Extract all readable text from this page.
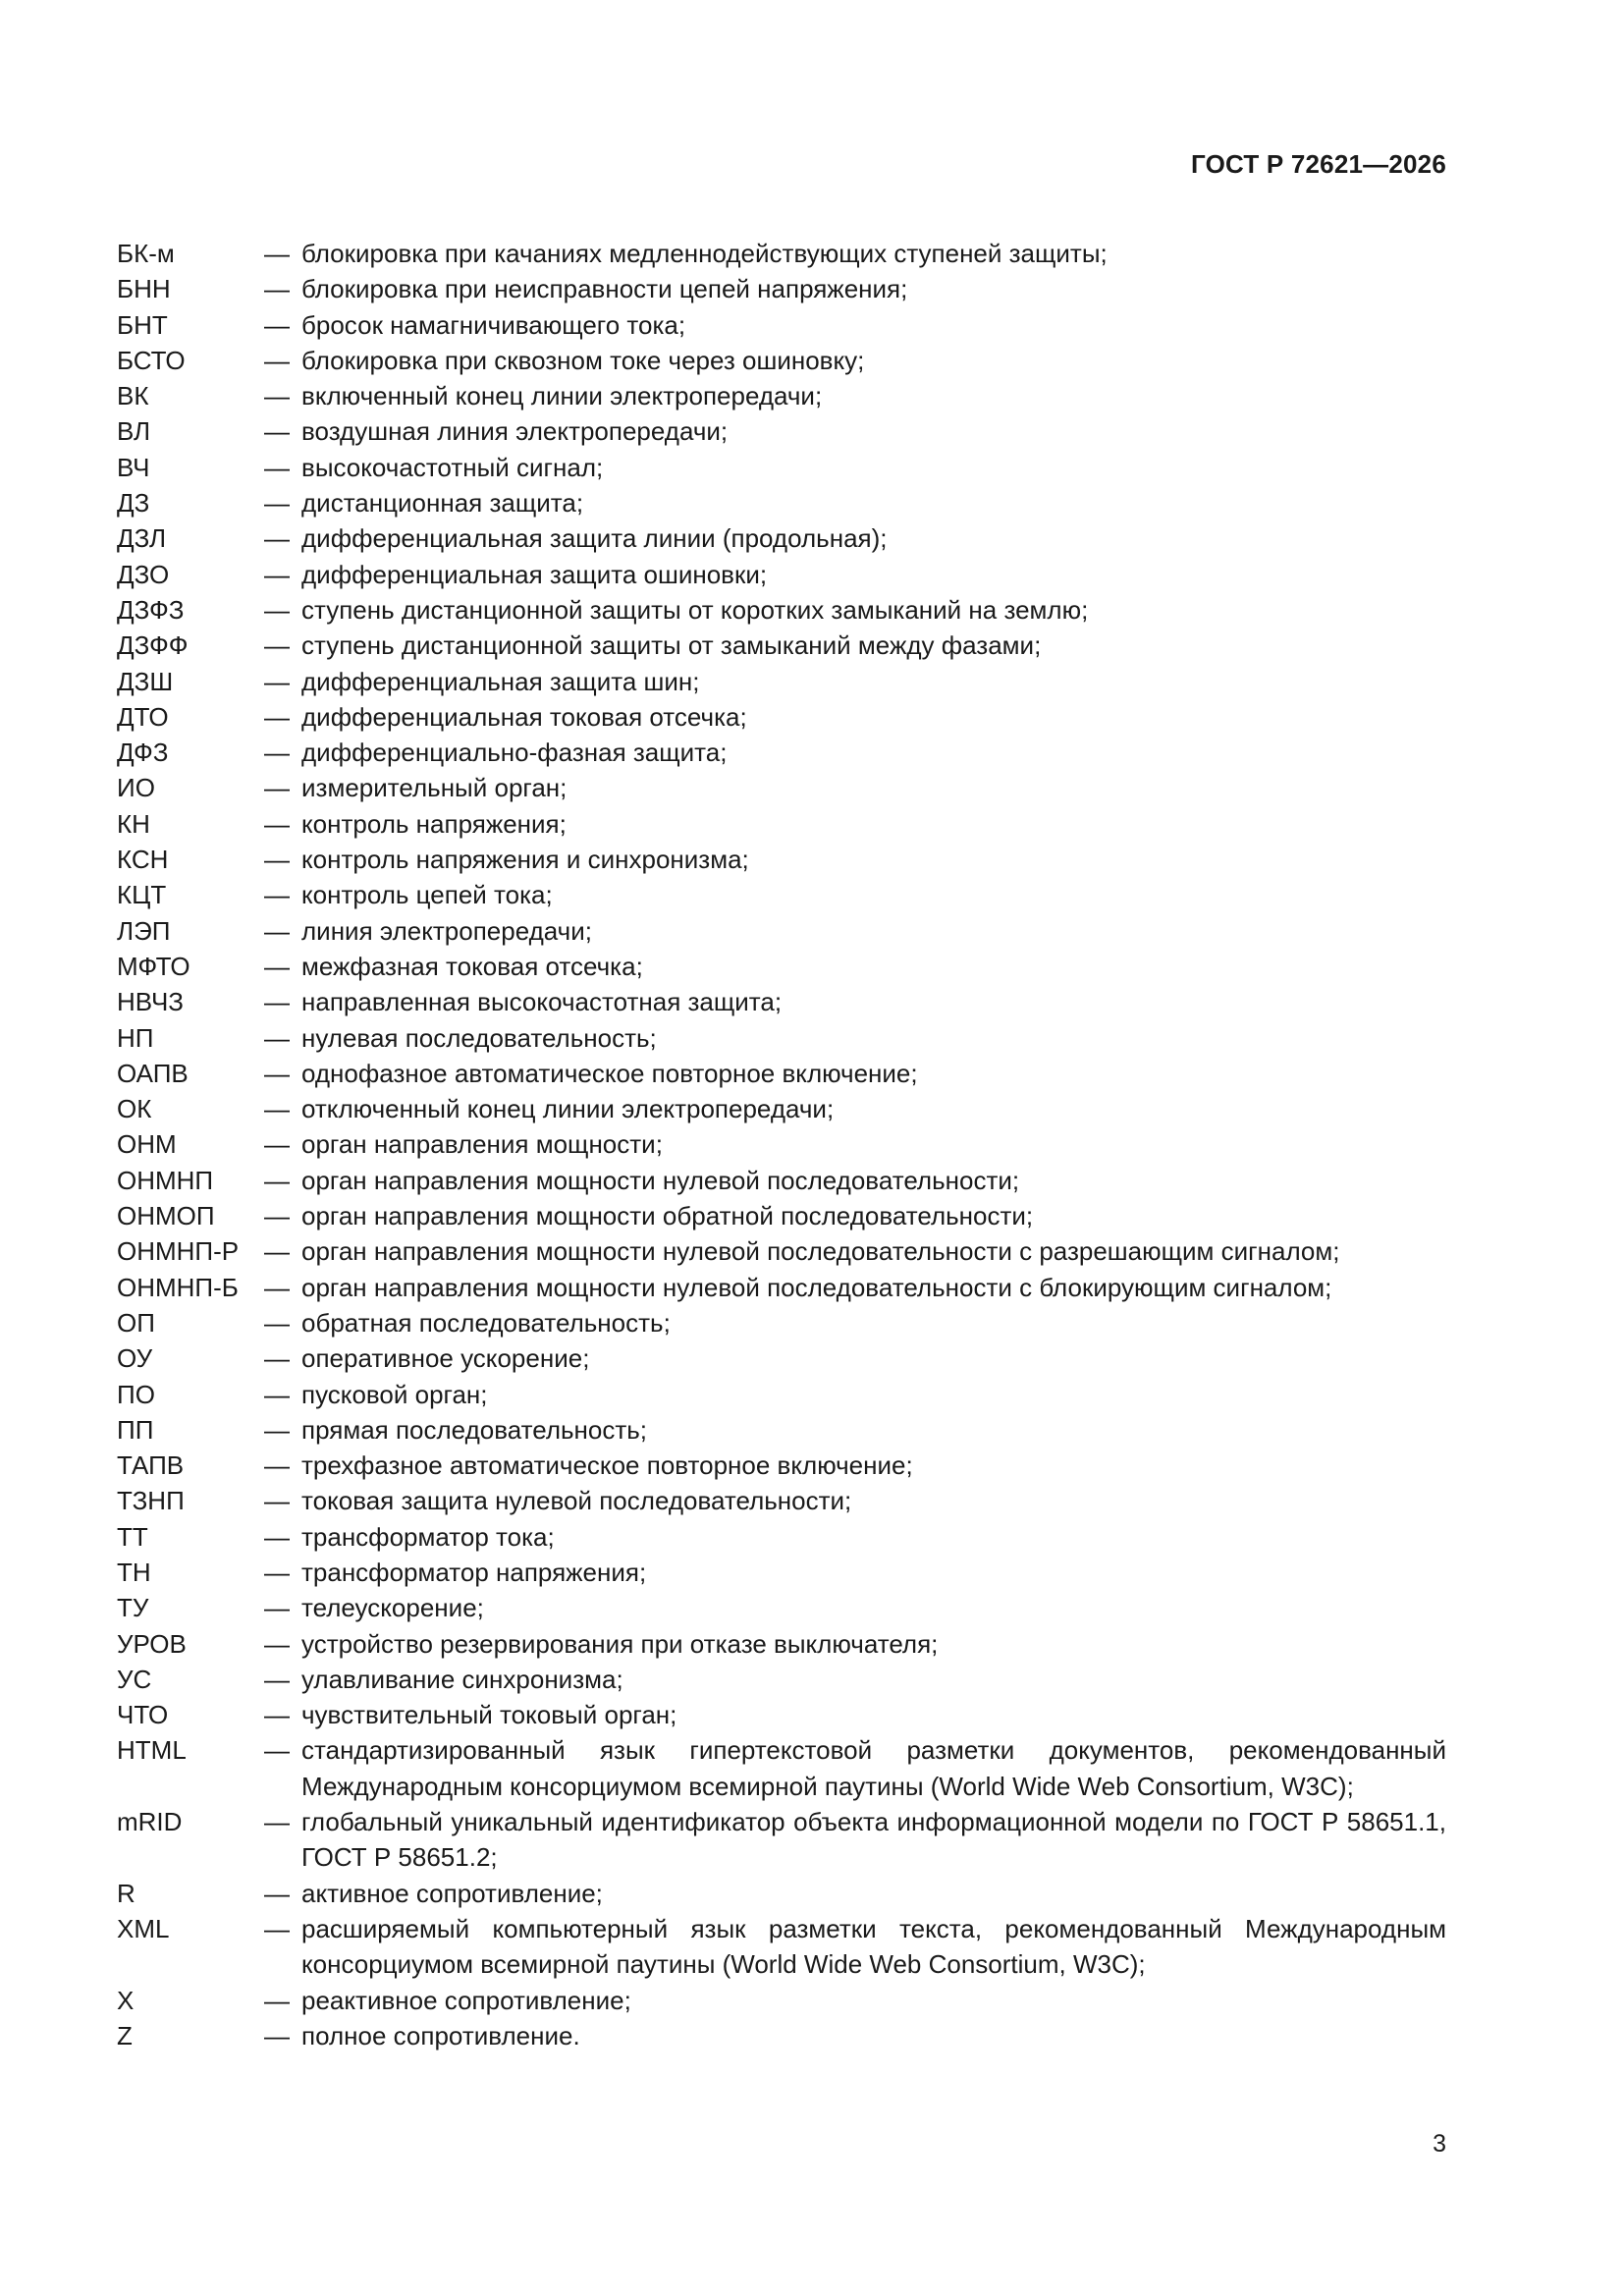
ГОСТ Р 72621—2026
БК-м	— блокировка при качаниях медленнодействующих ступеней защиты;
БНН	— блокировка при неисправности цепей напряжения;
БНТ	— бросок намагничивающего тока;
БСТО	— блокировка при сквозном токе через ошиновку;
ВК	— включенный конец линии электропередачи;
ВЛ	— воздушная линия электропередачи;
ВЧ	— высокочастотный сигнал;
ДЗ	— дистанционная защита;
ДЗЛ	— дифференциальная защита линии (продольная);
ДЗО	— дифференциальная защита ошиновки;
ДЗФЗ	— ступень дистанционной защиты от коротких замыканий на землю;
ДЗФФ	— ступень дистанционной защиты от замыканий между фазами;
ДЗШ	— дифференциальная защита шин;
ДТО	— дифференциальная токовая отсечка;
ДФЗ	— дифференциально-фазная защита;
ИО	— измерительный орган;
КН	— контроль напряжения;
КСН	— контроль напряжения и синхронизма;
КЦТ	— контроль цепей тока;
ЛЭП	— линия электропередачи;
МФТО	— межфазная токовая отсечка;
НВЧЗ	— направленная высокочастотная защита;
НП	— нулевая последовательность;
ОАПВ	— однофазное автоматическое повторное включение;
ОК	— отключенный конец линии электропередачи;
ОНМ	— орган направления мощности;
ОНМНП	— орган направления мощности нулевой последовательности;
ОНМОП	— орган направления мощности обратной последовательности;
ОНМНП-Р — орган направления мощности нулевой последовательности с разрешающим сигналом;
ОНМНП-Б	— орган направления мощности нулевой последовательности с блокирующим сигналом;
ОП	— обратная последовательность;
ОУ	— оперативное ускорение;
ПО	— пусковой орган;
ПП	— прямая последовательность;
ТАПВ	— трехфазное автоматическое повторное включение;
ТЗНП	— токовая защита нулевой последовательности;
ТТ	— трансформатор тока;
ТН	— трансформатор напряжения;
ТУ	— телеускорение;
УРОВ	— устройство резервирования при отказе выключателя;
УС	— улавливание синхронизма;
ЧТО	— чувствительный токовый орган;
HTML	— стандартизированный язык гипертекстовой разметки документов, рекомендованный Международным консорциумом всемирной паутины (World Wide Web Consortium, W3C);
mRID	— глобальный уникальный идентификатор объекта информационной модели по ГОСТ Р 58651.1, ГОСТ Р 58651.2;
R	— активное сопротивление;
XML	— расширяемый компьютерный язык разметки текста, рекомендованный Международным консорциумом всемирной паутины (World Wide Web Consortium, W3C);
X	— реактивное сопротивление;
Z	— полное сопротивление.
3
